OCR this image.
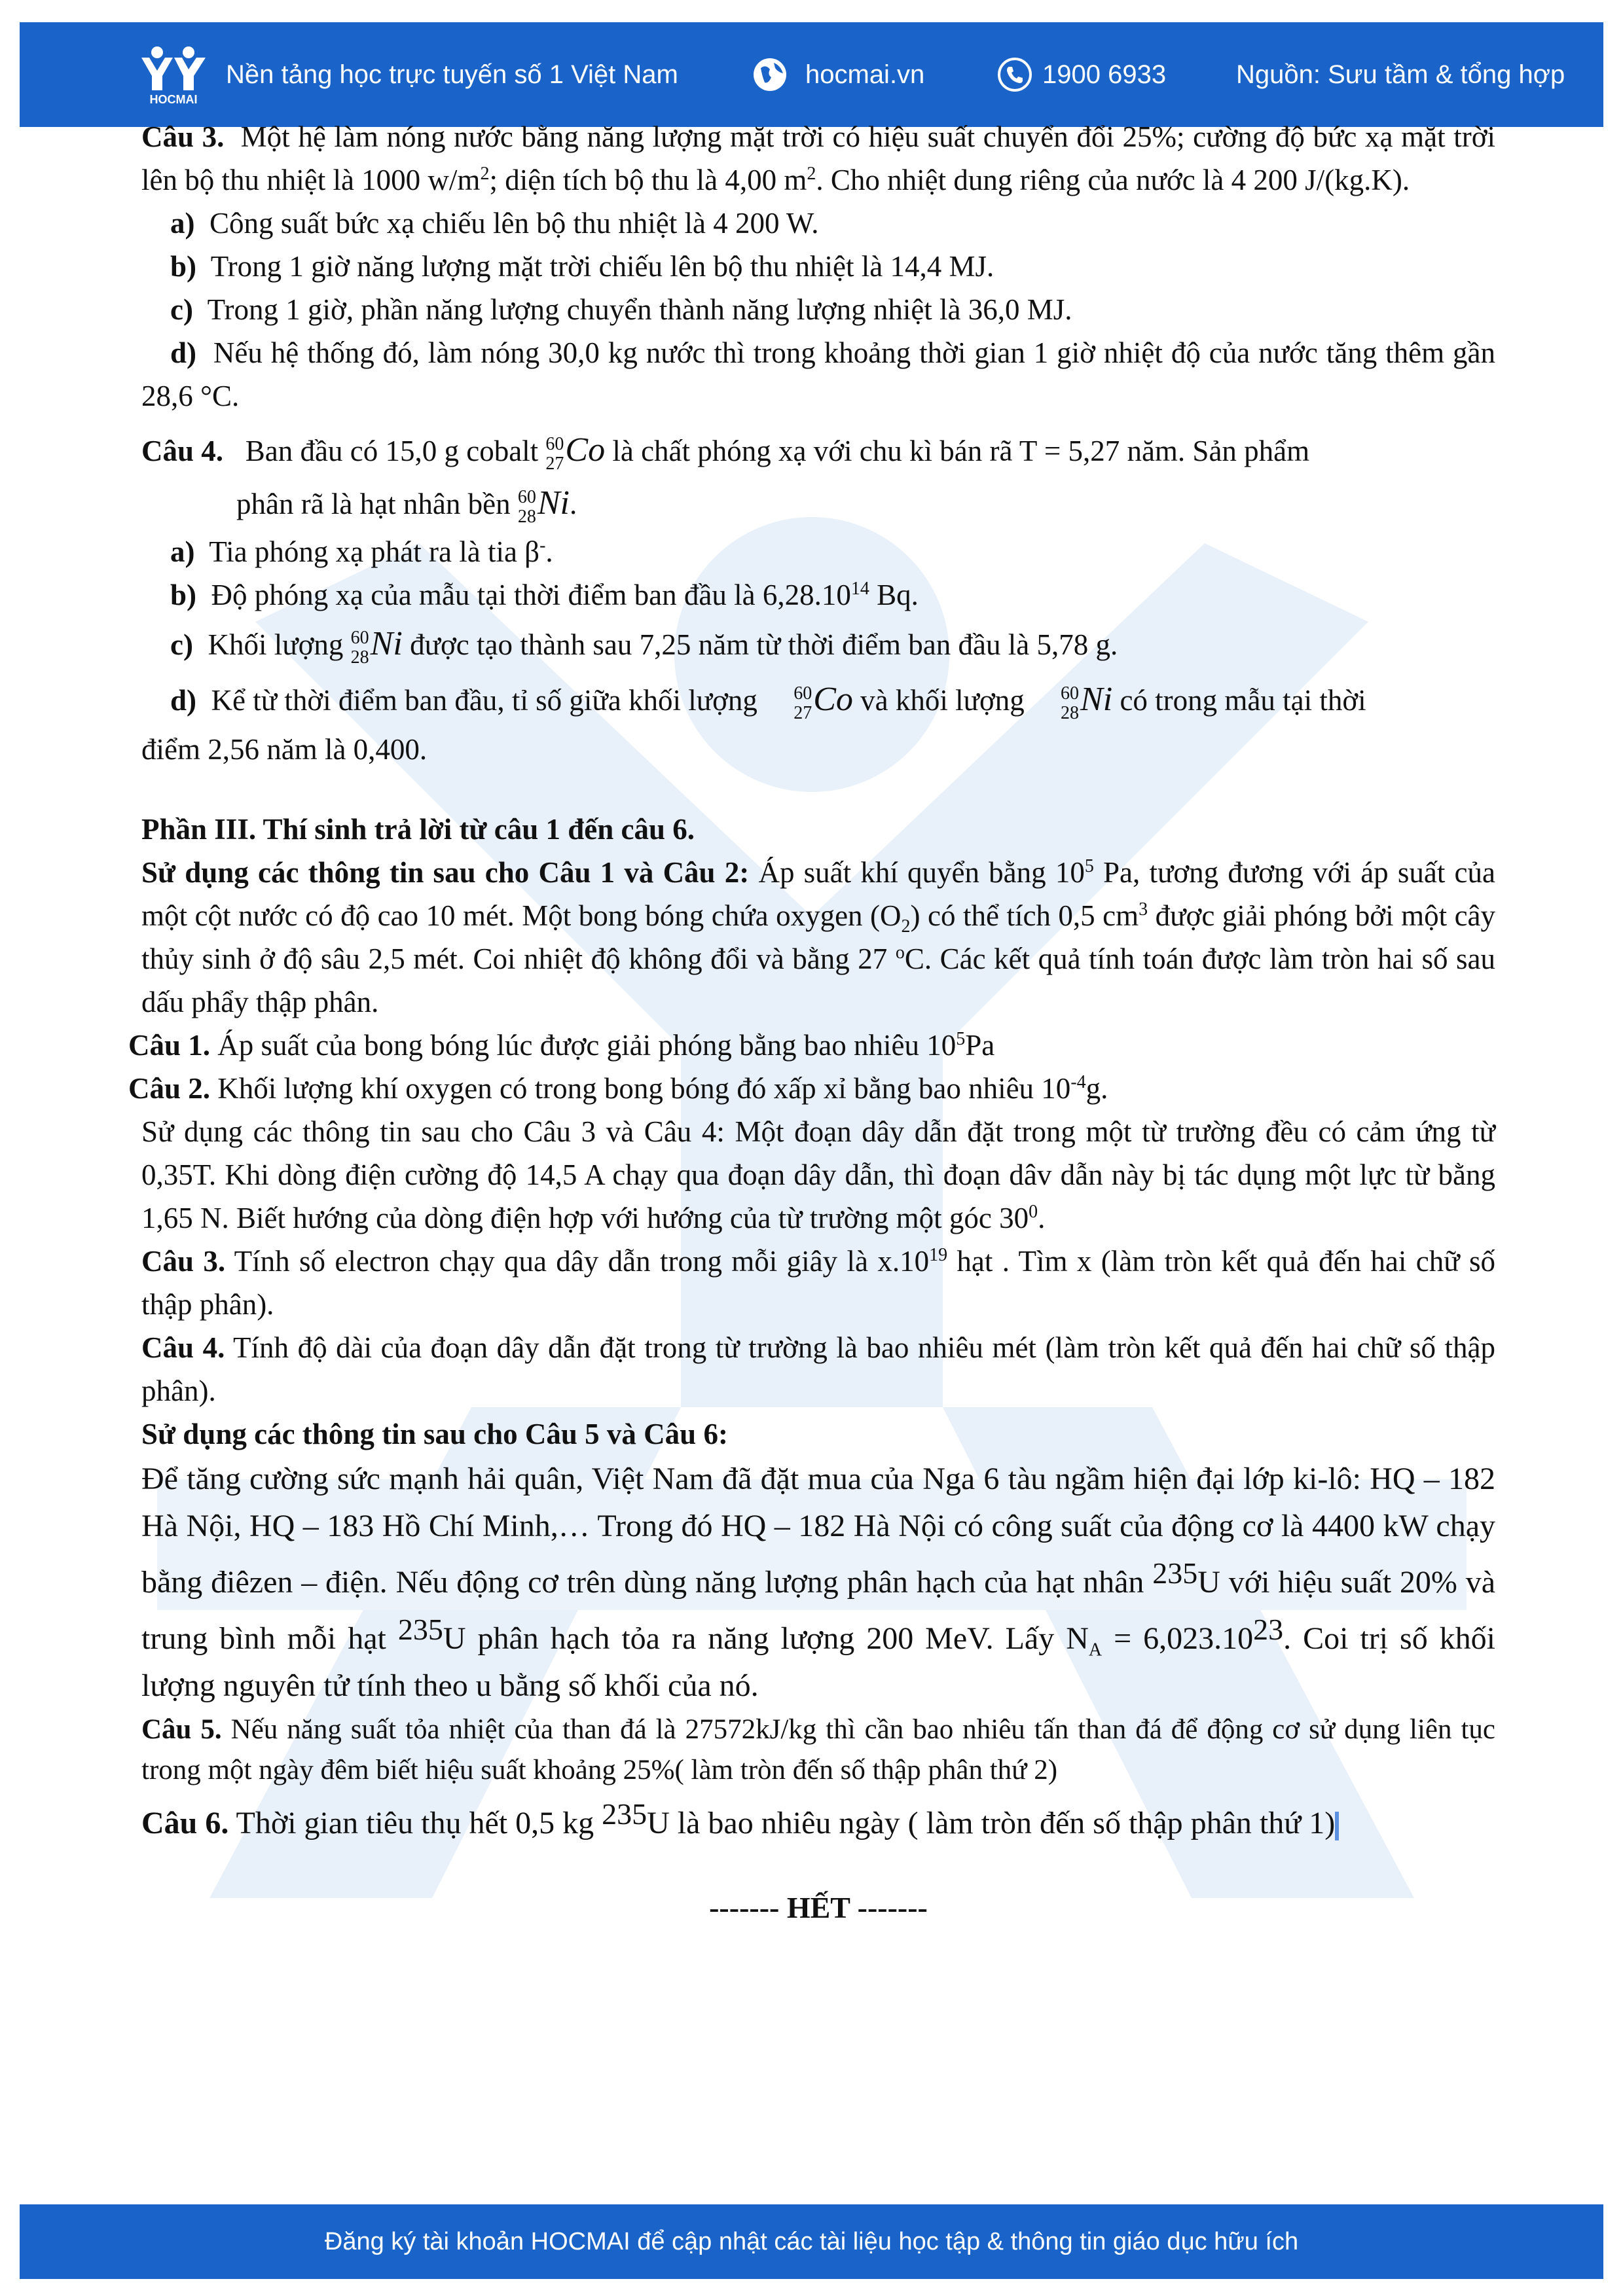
HOCMAI
Nền tảng học trực tuyến số 1 Việt Nam	hocmai.vn	1900 6933	Nguồn: Sưu tầm & tổng hợp

Câu 3. Một hệ làm nóng nước bằng năng lượng mặt trời có hiệu suất chuyển đổi 25%; cường độ bức xạ mặt trời lên bộ thu nhiệt là 1000 $w/m^2$; diện tích bộ thu là 4,00 $m^2$. Cho nhiệt dung riêng của nước là 4 200 J/(kg.K).

a) Công suất bức xạ chiếu lên bộ thu nhiệt là 4 200 W.

b) Trong 1 giờ năng lượng mặt trời chiếu lên bộ thu nhiệt là 14,4 MJ.

c) Trong 1 giờ, phần năng lượng chuyển thành năng lượng nhiệt là 36,0 MJ.

d) Nếu hệ thống đó, làm nóng 30,0 kg nước thì trong khoảng thời gian 1 giờ nhiệt độ của nước tăng thêm gần 28,6 °C.

Câu 4. Ban đầu có 15,0 g cobalt 60
27 Co là chất phóng xạ với chu kì bán rã T = 5,27 năm. Sản phẩm

phân rã là hạt nhân bền 60
28 Ni.

a) Tia phóng xạ phát ra là tia β-.

b) Độ phóng xạ của mẫu tại thời điểm ban đầu là 6,28.10$^{14}$ Bq.

c) Khối lượng 60
28 Ni được tạo thành sau 7,25 năm từ thời điểm ban đầu là 5,78 g.

d) Kể từ thời điểm ban đầu, tỉ số giữa khối lượng	60
27 Co và khối lượng	60
28 Ni có trong mẫu tại thời

điểm 2,56 năm là 0,400.

Phần III. Thí sinh trả lời từ câu 1 đến câu 6.

Sử dụng các thông tin sau cho Câu 1 và Câu 2: Áp suất khí quyển bằng $10^5$ Pa, tương đương với áp suất của một cột nước có độ cao 10 mét. Một bong bóng chứa oxygen $(O_2)$ có thể tích 0,5 $cm^3$ được giải phóng bởi một cây thủy sinh ở độ sâu 2,5 mét. Coi nhiệt độ không đổi và bằng 27 $^o$C. Các kết quả tính toán được làm tròn hai số sau dấu phẩy thập phân.

Câu 1. Áp suất của bong bóng lúc được giải phóng bằng bao nhiêu $10^5Pa$

Câu 2. Khối lượng khí oxygen có trong bong bóng đó xấp xỉ bằng bao nhiêu $10^{-4}g$.

Sử dụng các thông tin sau cho Câu 3 và Câu 4: Một đoạn dây dẫn đặt trong một từ trường đều có cảm ứng từ 0,35T. Khi dòng điện cường độ 14,5 A chạy qua đoạn dây dẫn, thì đoạn dâv dẫn này bị tác dụng một lực từ bằng 1,65 N. Biết hướng của dòng điện hợp với hướng của từ trường một góc $30^0$.

Câu 3. Tính số electron chạy qua dây dẫn trong mỗi giây là $x.10^{19}$ hạt . Tìm x (làm tròn kết quả đến hai chữ số thập phân).

Câu 4. Tính độ dài của đoạn dây dẫn đặt trong từ trường là bao nhiêu mét (làm tròn kết quả đến hai chữ số thập phân).

Sử dụng các thông tin sau cho Câu 5 và Câu 6:

Để tăng cường sức mạnh hải quân, Việt Nam đã đặt mua của Nga 6 tàu ngầm hiện đại lớp ki-lô: HQ – 182 Hà Nội, HQ – 183 Hồ Chí Minh,… Trong đó HQ – 182 Hà Nội có công suất của động cơ là 4400 kW chạy bằng điêzen – điện. Nếu động cơ trên dùng năng lượng phân hạch của hạt nhân 235U với hiệu suất 20% và trung bình mỗi hạt 235U phân hạch tỏa ra năng lượng 200 MeV. Lấy $N_A = 6,023.1023$. Coi trị số khối lượng nguyên tử tính theo u bằng số khối của nó.

Câu 5. Nếu năng suất tỏa nhiệt của than đá là 27572kJ/kg thì cần bao nhiêu tấn than đá để động cơ sử dụng liên tục trong một ngày đêm biết hiệu suất khoảng 25%( làm tròn đến số thập phân thứ 2)

Câu 6. Thời gian tiêu thụ hết 0,5 kg 235U là bao nhiêu ngày ( làm tròn đến số thập phân thứ 1)

------- HẾT -------

Đăng ký tài khoản HOCMAI để cập nhật các tài liệu học tập & thông tin giáo dục hữu ích
